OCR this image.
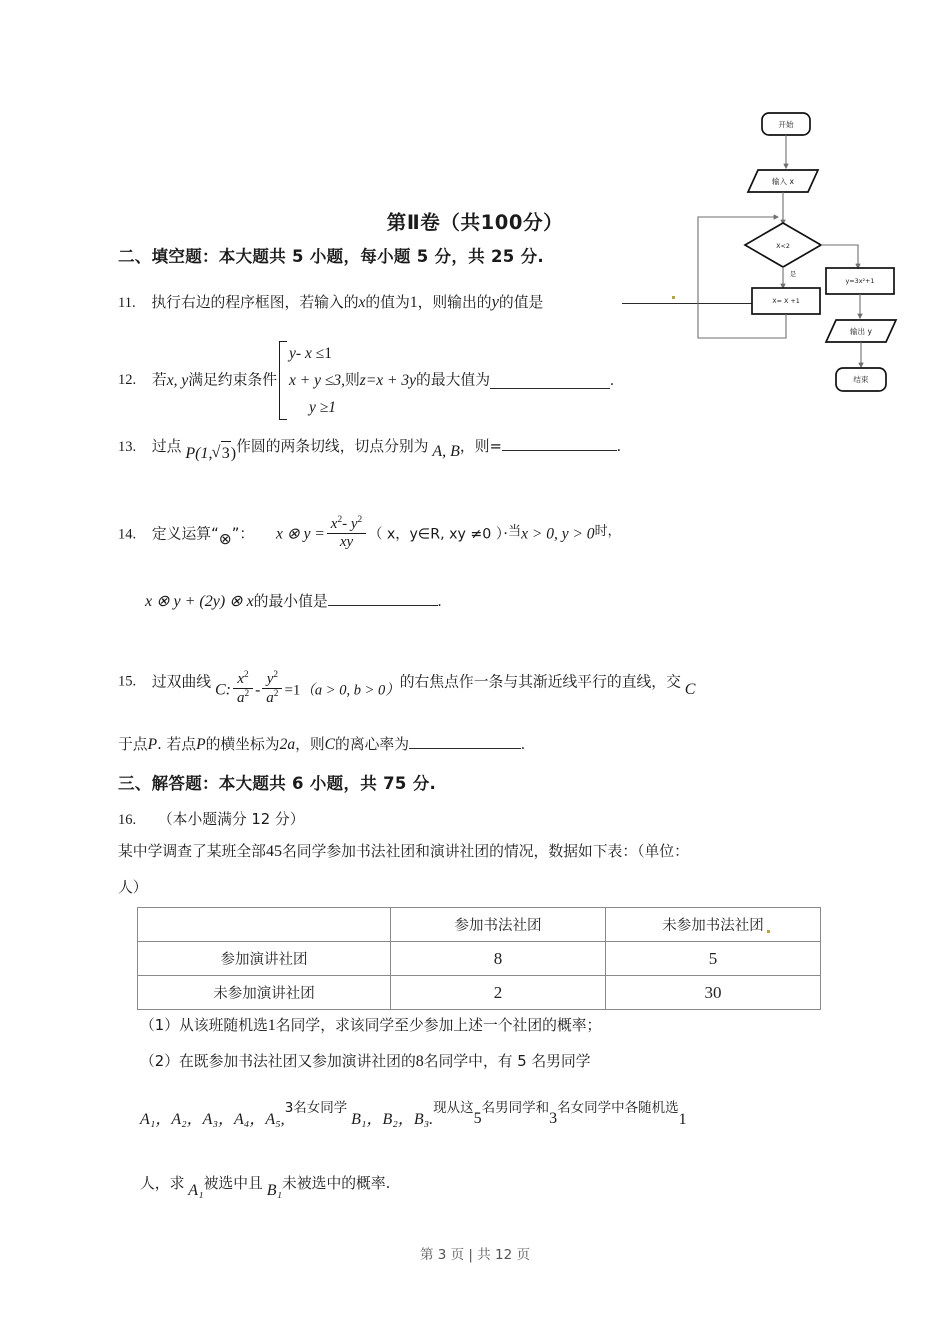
第Ⅱ卷（共100分）
二、填空题：本大题共 5 小题，每小题 5 分，共 25 分.
11. 执行右边的程序框图，若输入的x的值为1，则输出的y的值是
12. 若x, y满足约束条件
y- x ≤1
x + y ≤3,
y ≥1
则z=x + 3y的最大值为	.
13. 过点 P(1, √ 3)作圆的两条切线，切点分别为 A, B，则=	.
14. 定义运算“⊗”： x ⊗ $y = \frac{x^2- y^2}{xy}$ （ x，y∈R, xy ≠0 ）·当x > 0, y > 0时，
x ⊗ y + (2y) ⊗ x的最小值是	.
15. 过双曲线 C: $\frac{x^2}{a^2} - \frac{y^2}{a^2} =1(a > 0$, b > 0）的右焦点作一条与其渐近线平行的直线，交 C
于点P. 若点P的横坐标为2a，则C的离心率为	.
三、解答题：本大题共 6 小题，共 75 分.
16. （本小题满分 12 分）
某中学调查了某班全部45名同学参加书法社团和演讲社团的情况，数据如下表：（单位：
人）
	参加书法社团	未参加书法社团
参加演讲社团	8	5
未参加演讲社团	2	30
（1）从该班随机选1名同学，求该同学至少参加上述一个社团的概率；
（2）在既参加书法社团又参加演讲社团的8名同学中，有 5 名男同学
A₁，A₂，A₃，A₄，A₅,3名女同学 B₁，B₂，B₃.现从这5名男同学和3名女同学中各随机选1
人，求 A₁被选中且 B₁未被选中的概率.
开始
输入 x
X<2
是
X= X +1
y=3x²+1
输出 y
结束
第 3 页 | 共 12 页
